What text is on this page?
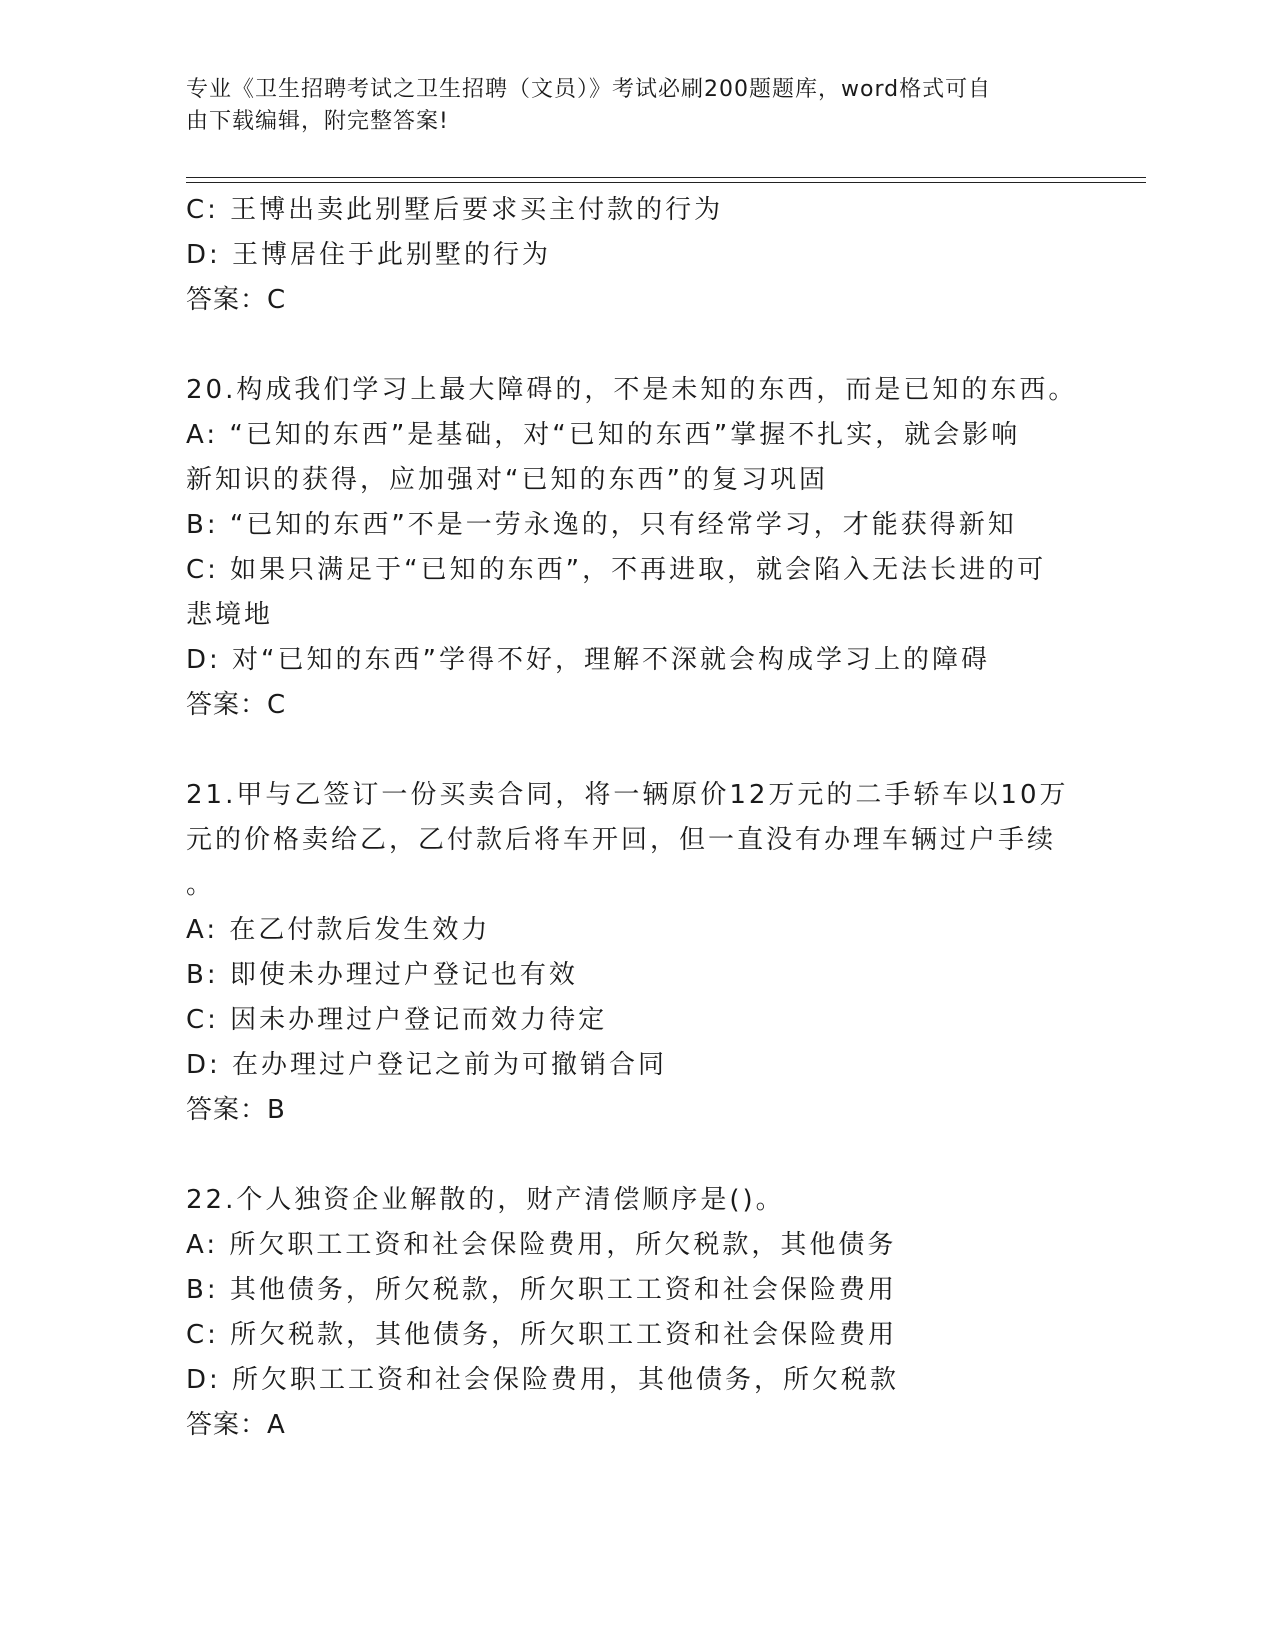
专业《卫生招聘考试之卫生招聘（文员）》考试必刷200题题库，word格式可自
由下载编辑，附完整答案!
C: 王博出卖此别墅后要求买主付款的行为
D: 王博居住于此别墅的行为
答案：C
20.构成我们学习上最大障碍的，不是未知的东西，而是已知的东西。
A: “已知的东西”是基础，对“已知的东西”掌握不扎实，就会影响
新知识的获得，应加强对“已知的东西”的复习巩固
B: “已知的东西”不是一劳永逸的，只有经常学习，才能获得新知
C: 如果只满足于“已知的东西”，不再进取，就会陷入无法长进的可
悲境地
D: 对“已知的东西”学得不好，理解不深就会构成学习上的障碍
答案：C
21.甲与乙签订一份买卖合同，将一辆原价12万元的二手轿车以10万
元的价格卖给乙，乙付款后将车开回，但一直没有办理车辆过户手续
。
A: 在乙付款后发生效力
B: 即使未办理过户登记也有效
C: 因未办理过户登记而效力待定
D: 在办理过户登记之前为可撤销合同
答案：B
22.个人独资企业解散的，财产清偿顺序是()。
A: 所欠职工工资和社会保险费用，所欠税款，其他债务
B: 其他债务，所欠税款，所欠职工工资和社会保险费用
C: 所欠税款，其他债务，所欠职工工资和社会保险费用
D: 所欠职工工资和社会保险费用，其他债务，所欠税款
答案：A
